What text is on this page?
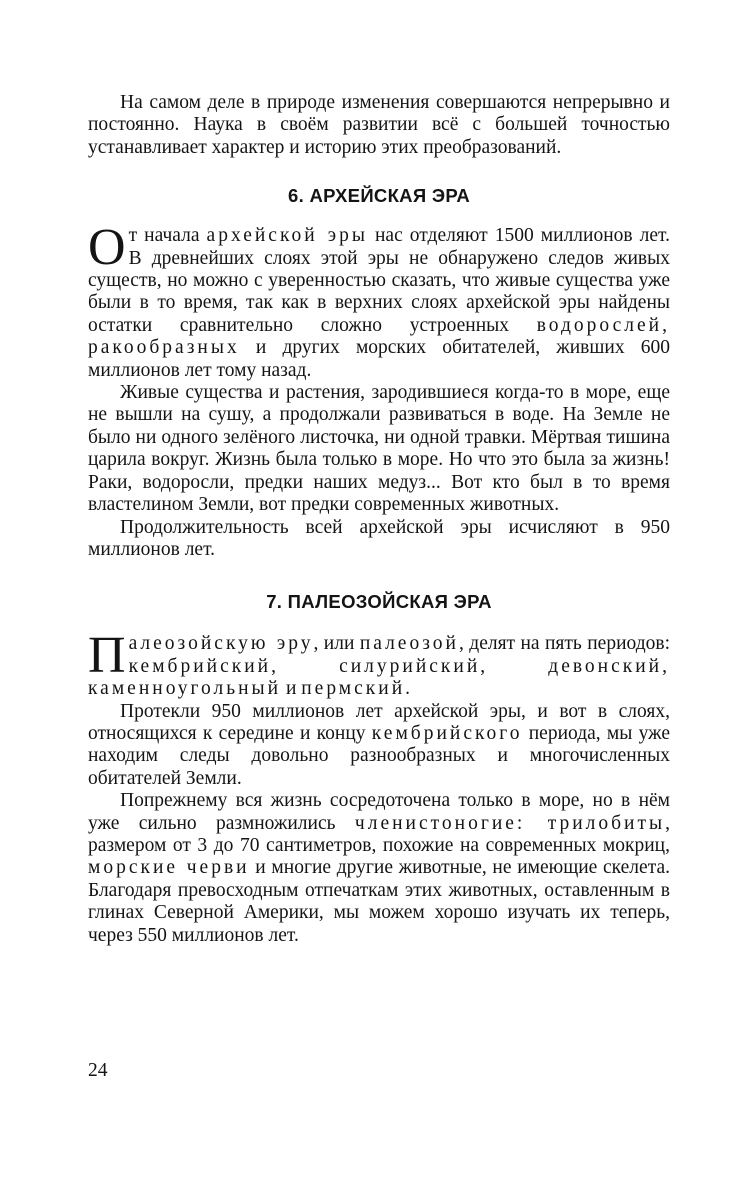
На самом деле в природе изменения совершаются непрерывно и постоянно. Наука в своём развитии всё с большей точностью устанавливает характер и историю этих преобразований.

6. АРХЕЙСКАЯ ЭРА

От начала архейской эры нас отделяют 1500 миллионов лет. В древнейших слоях этой эры не обнаружено следов живых существ, но можно с уверенностью сказать, что живые существа уже были в то время, так как в верхних слоях архейской эры найдены остатки сравнительно сложно устроенных водорослей, ракообразных и других морских обитателей, живших 600 миллионов лет тому назад.

Живые существа и растения, зародившиеся когда-то в море, еще не вышли на сушу, а продолжали развиваться в воде. На Земле не было ни одного зелёного листочка, ни одной травки. Мёртвая тишина царила вокруг. Жизнь была только в море. Но что это была за жизнь! Раки, водоросли, предки наших медуз... Вот кто был в то время властелином Земли, вот предки современных животных.

Продолжительность всей архейской эры исчисляют в 950 миллионов лет.

7. ПАЛЕОЗОЙСКАЯ ЭРА

Палеозойскую эру, или палеозой, делят на пять периодов: кембрийский, силурийский, девонский, каменноугольный и пермский.

Протекли 950 миллионов лет архейской эры, и вот в слоях, относящихся к середине и концу кембрийского периода, мы уже находим следы довольно разнообразных и многочисленных обитателей Земли.

Попрежнему вся жизнь сосредоточена только в море, но в нём уже сильно размножились членистоногие: трилобиты, размером от 3 до 70 сантиметров, похожие на современных мокриц, морские черви и многие другие животные, не имеющие скелета. Благодаря превосходным отпечаткам этих животных, оставленным в глинах Северной Америки, мы можем хорошо изучать их теперь, через 550 миллионов лет.

24
